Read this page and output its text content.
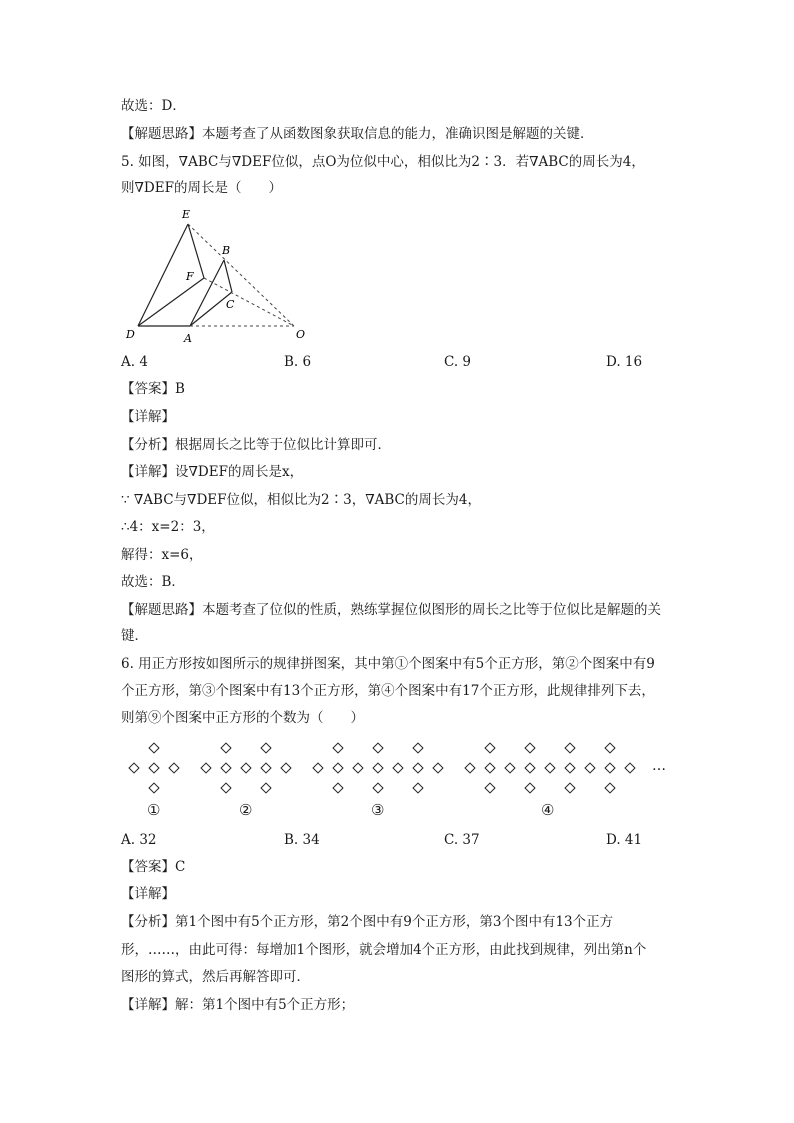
故选：D．
【解题思路】本题考查了从函数图象获取信息的能力，准确识图是解题的关键．
5. 如图，∇ABC与∇DEF位似，点O为位似中心，相似比为2∶3．若∇ABC的周长为4，
则∇DEF的周长是（　　）
E
B
F
C
D	A	O
A. 4	B. 6	C. 9	D. 16
【答案】B
【详解】
【分析】根据周长之比等于位似比计算即可．
【详解】设∇DEF的周长是x，
∵ ∇ABC与∇DEF位似，相似比为2∶3，∇ABC的周长为4，
∴4：x=2：3，
解得：x=6，
故选：B．
【解题思路】本题考查了位似的性质，熟练掌握位似图形的周长之比等于位似比是解题的关
键．
6. 用正方形按如图所示的规律拼图案，其中第①个图案中有5个正方形，第②个图案中有9
个正方形，第③个图案中有13个正方形，第④个图案中有17个正方形，此规律排列下去，
则第⑨个图案中正方形的个数为（　　）
…
①	②	③	④
A. 32	B. 34	C. 37	D. 41
【答案】C
【详解】
【分析】第1个图中有5个正方形，第2个图中有9个正方形，第3个图中有13个正方
形，……，由此可得：每增加1个图形，就会增加4个正方形，由此找到规律，列出第n个
图形的算式，然后再解答即可．
【详解】解：第1个图中有5个正方形；
